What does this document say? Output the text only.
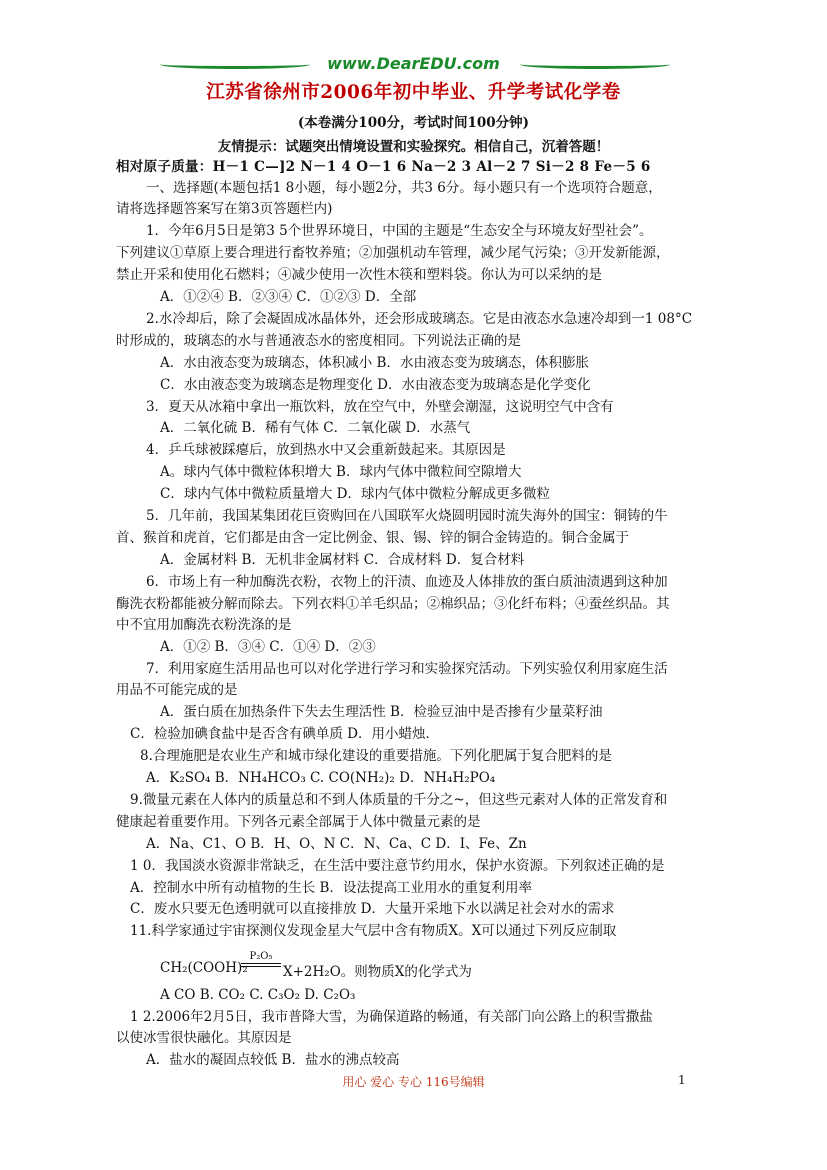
www.DearEDU.com
江苏省徐州市2006年初中毕业、升学考试化学卷
(本卷满分100分，考试时间100分钟)
友情提示：试题突出情境设置和实验探究。相信自己，沉着答题！
相对原子质量：H－1 C—]2 N－1 4 O－1 6 Na－2 3 Al－2 7 Si－2 8 Fe－5 6
一、选择题(本题包括1 8小题，每小题2分，共3 6分。每小题只有一个选项符合题意，
请将选择题答案写在第3页答题栏内)
1．今年6月5日是第3 5个世界环境日，中国的主题是“生态安全与环境友好型社会”。
下列建议①草原上要合理进行畜牧养殖；②加强机动车管理，减少尾气污染；③开发新能源，
禁止开采和使用化石燃料；④减少使用一次性木筷和塑料袋。你认为可以采纳的是
A．①②④ B．②③④ C．①②③ D．全部
2.水冷却后，除了会凝固成冰晶体外，还会形成玻璃态。它是由液态水急速冷却到一1 08°C
时形成的，玻璃态的水与普通液态水的密度相同。下列说法正确的是
A．水由液态变为玻璃态，体积减小 B．水由液态变为玻璃态，体积膨胀
C．水由液态变为玻璃态是物理变化 D．水由液态变为玻璃态是化学变化
3．夏天从冰箱中拿出一瓶饮料，放在空气中，外壁会潮湿，这说明空气中含有
A．二氧化硫 B．稀有气体 C．二氧化碳 D．水蒸气
4．乒乓球被踩瘪后，放到热水中又会重新鼓起来。其原因是
A。球内气体中微粒体积增大 B．球内气体中微粒间空隙增大
C．球内气体中微粒质量增大 D．球内气体中微粒分解成更多微粒
5．几年前，我国某集团花巨资购回在八国联军火烧圆明园时流失海外的国宝：铜铸的牛
首、猴首和虎首，它们都是由含一定比例金、银、锡、锌的铜合金铸造的。铜合金属于
A．金属材料 B．无机非金属材料 C．合成材料 D．复合材料
6．市场上有一种加酶洗衣粉，衣物上的汗渍、血迹及人体排放的蛋白质油渍遇到这种加
酶洗衣粉都能被分解而除去。下列衣料①羊毛织品；②棉织品；③化纤布料；④蚕丝织品。其
中不宜用加酶洗衣粉洗涤的是
A．①② B．③④ C．①④ D．②③
7．利用家庭生活用品也可以对化学进行学习和实验探究活动。下列实验仅利用家庭生活
用品不可能完成的是
A．蛋白质在加热条件下失去生理活性 B．检验豆油中是否掺有少量菜籽油
C．检验加碘食盐中是否含有碘单质 D．用小蜡烛．
8.合理施肥是农业生产和城市绿化建设的重要措施。下列化肥属于复合肥料的是
A．K₂SO₄ B．NH₄HCO₃ C. CO(NH₂)₂ D．NH₄H₂PO₄
9.微量元素在人体内的质量总和不到人体质量的千分之~，但这些元素对人体的正常发育和
健康起着重要作用。下列各元素全部属于人体中微量元素的是
A．Na、C1、O B．H、O、N C．N、Ca、C D．I、Fe、Zn
1 0．我国淡水资源非常缺乏，在生活中要注意节约用水，保护水资源。下列叙述正确的是
A．控制水中所有动植物的生长 B．设法提高工业用水的重复利用率
C．废水只要无色透明就可以直接排放 D．大量开采地下水以满足社会对水的需求
11.科学家通过宇宙探测仪发现金星大气层中含有物质X。X可以通过下列反应制取
CH₂(COOH)₂
P₂O₅
X+2H₂O。则物质X的化学式为
A CO B. CO₂ C. C₃O₂ D. C₂O₃
1 2.2006年2月5日，我市普降大雪，为确保道路的畅通，有关部门向公路上的积雪撒盐
以使冰雪很快融化。其原因是
A．盐水的凝固点较低 B．盐水的沸点较高
用心 爱心 专心 116号编辑	1
